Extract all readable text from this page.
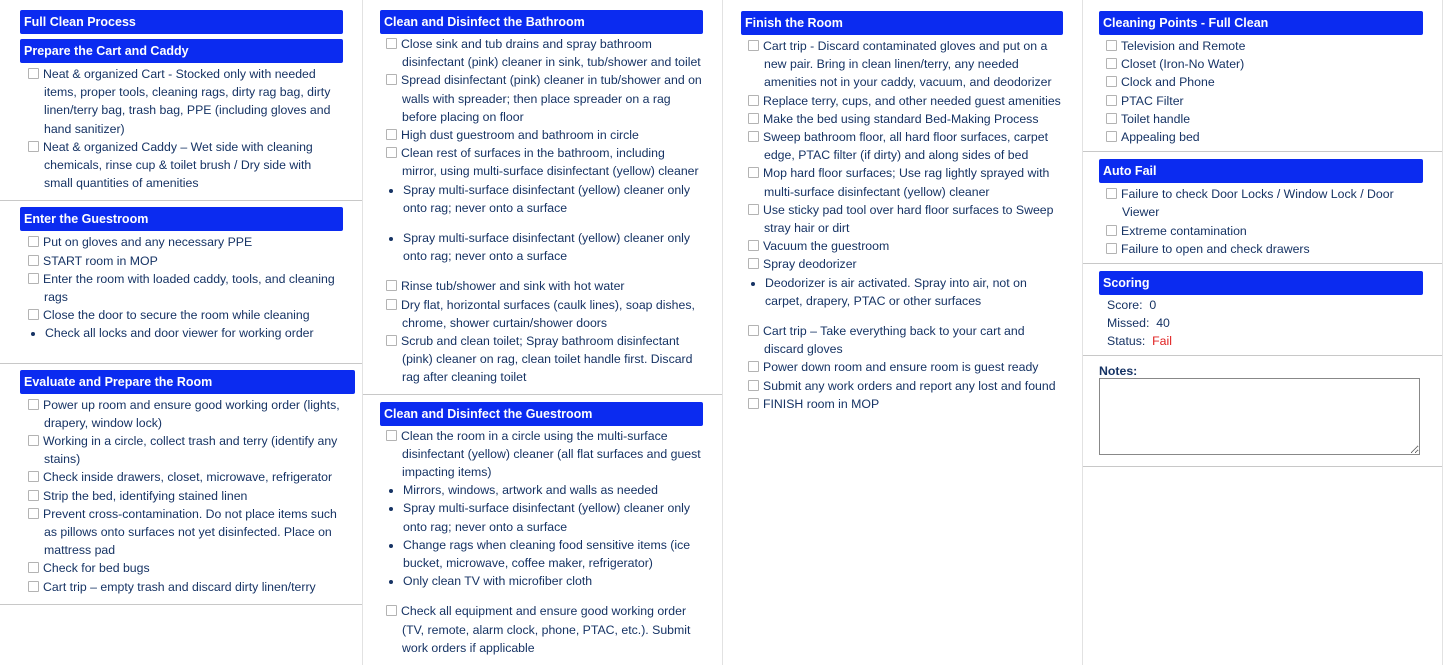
Full Clean Process
Prepare the Cart and Caddy
Neat & organized Cart - Stocked only with needed items, proper tools, cleaning rags, dirty rag bag, dirty linen/terry bag, trash bag, PPE (including gloves and hand sanitizer)
Neat & organized Caddy – Wet side with cleaning chemicals, rinse cup & toilet brush / Dry side with small quantities of amenities
Enter the Guestroom
Put on gloves and any necessary PPE
START room in MOP
Enter the room with loaded caddy, tools, and cleaning rags
Close the door to secure the room while cleaning
• Check all locks and door viewer for working order
Evaluate and Prepare the Room
Power up room and ensure good working order (lights, drapery, window lock)
Working in a circle, collect trash and terry (identify any stains)
Check inside drawers, closet, microwave, refrigerator
Strip the bed, identifying stained linen
Prevent cross-contamination. Do not place items such as pillows onto surfaces not yet disinfected. Place on mattress pad
Check for bed bugs
Cart trip – empty trash and discard dirty linen/terry
Clean and Disinfect the Bathroom
Close sink and tub drains and spray bathroom disinfectant (pink) cleaner in sink, tub/shower and toilet
Spread disinfectant (pink) cleaner in tub/shower and on walls with spreader; then place spreader on a rag before placing on floor
High dust guestroom and bathroom in circle
Clean rest of surfaces in the bathroom, including mirror, using multi-surface disinfectant (yellow) cleaner
• Spray multi-surface disinfectant (yellow) cleaner only onto rag; never onto a surface
• Spray multi-surface disinfectant (yellow) cleaner only onto rag; never onto a surface
Rinse tub/shower and sink with hot water
Dry flat, horizontal surfaces (caulk lines), soap dishes, chrome, shower curtain/shower doors
Scrub and clean toilet; Spray bathroom disinfectant (pink) cleaner on rag, clean toilet handle first. Discard rag after cleaning toilet
Clean and Disinfect the Guestroom
Clean the room in a circle using the multi-surface disinfectant (yellow) cleaner (all flat surfaces and guest impacting items)
• Mirrors, windows, artwork and walls as needed
• Spray multi-surface disinfectant (yellow) cleaner only onto rag; never onto a surface
• Change rags when cleaning food sensitive items (ice bucket, microwave, coffee maker, refrigerator)
• Only clean TV with microfiber cloth
Check all equipment and ensure good working order (TV, remote, alarm clock, phone, PTAC, etc.). Submit work orders if applicable
Finish the Room
Cart trip - Discard contaminated gloves and put on a new pair. Bring in clean linen/terry, any needed amenities not in your caddy, vacuum, and deodorizer
Replace terry, cups, and other needed guest amenities
Make the bed using standard Bed-Making Process
Sweep bathroom floor, all hard floor surfaces, carpet edge, PTAC filter (if dirty) and along sides of bed
Mop hard floor surfaces; Use rag lightly sprayed with multi-surface disinfectant (yellow) cleaner
Use sticky pad tool over hard floor surfaces to Sweep stray hair or dirt
Vacuum the guestroom
Spray deodorizer
• Deodorizer is air activated. Spray into air, not on carpet, drapery, PTAC or other surfaces
Cart trip – Take everything back to your cart and discard gloves
Power down room and ensure room is guest ready
Submit any work orders and report any lost and found
FINISH room in MOP
Cleaning Points - Full Clean
Television and Remote
Closet (Iron-No Water)
Clock and Phone
PTAC Filter
Toilet handle
Appealing bed
Auto Fail
Failure to check Door Locks / Window Lock / Door Viewer
Extreme contamination
Failure to open and check drawers
Scoring
Score: 0
Missed: 40
Status: Fail
Notes:
